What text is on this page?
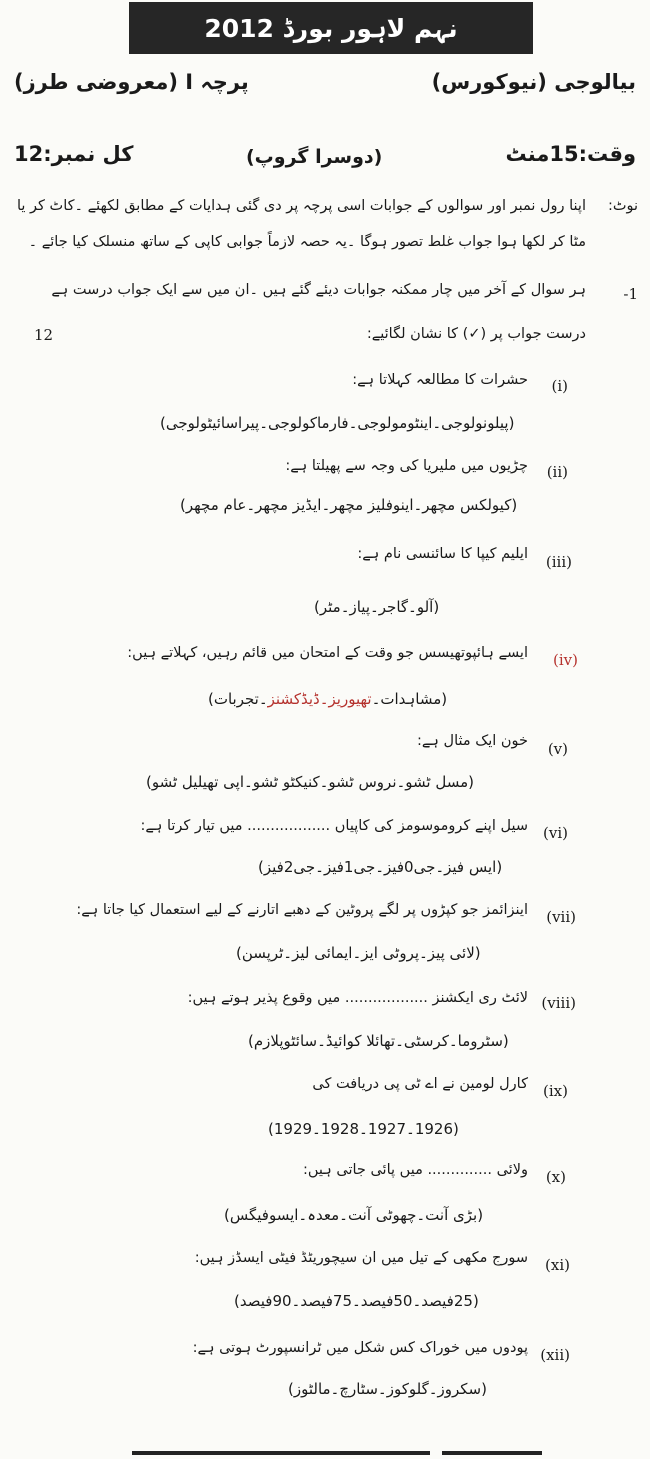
نہم لاہور بورڈ 2012
بیالوجی (نیوکورس)
پرچہ I (معروضی طرز)
وقت:15منٹ
(دوسرا گروپ)
کل نمبر:12
نوٹ:
اپنا رول نمبر اور سوالوں کے جوابات اسی پرچہ پر دی گئی ہدایات کے مطابق لکھئے ۔کاٹ کر یا
مٹا کر لکھا ہوا جواب غلط تصور ہوگا ۔یہ حصہ لازماً جوابی کاپی کے ساتھ منسلک کیا جائے ۔
-1
ہر سوال کے آخر میں چار ممکنہ جوابات دیئے گئے ہیں ۔ان میں سے ایک جواب درست ہے
درست جواب پر (✓) کا نشان لگائیے:
12
(i)
حشرات کا مطالعہ کہلاتا ہے:
(پیلونولوجی۔اینٹومولوجی۔فارماکولوجی۔پیراسائیٹولوجی)
(ii)
چڑیوں میں ملیریا کی وجہ سے پھیلتا ہے:
(کیولکس مچھر۔اینوفلیز مچھر۔ایڈیز مچھر۔عام مچھر)
(iii)
ایلیم کیپا کا سائنسی نام ہے:
(آلو۔گاجر۔پیاز۔مٹر)
(iv)
ایسے ہائپوتھیسس جو وقت کے امتحان میں قائم رہیں، کہلاتے ہیں:
(مشاہدات۔تھیوریز۔ڈیڈکشنز۔تجربات)
(v)
خون ایک مثال ہے:
(مسل ٹشو۔نروس ٹشو۔کنیکٹو ٹشو۔اپی تھیلیل ٹشو)
(vi)
سیل اپنے کروموسومز کی کاپیاں .................. میں تیار کرتا ہے:
(ایس فیز۔جی0فیز۔جی1فیز۔جی2فیز)
(vii)
اینزائمز جو کپڑوں پر لگے پروٹین کے دھبے اتارنے کے لیے استعمال کیا جاتا ہے:
(لائی پیز۔پروٹی ایز۔ایمائی لیز۔ٹرپسن)
(viii)
لائٹ ری ایکشنز .................. میں وقوع پذیر ہوتے ہیں:
(سٹروما۔کرسٹی۔تھائلا کوائیڈ۔سائٹوپلازم)
(ix)
کارل لومین نے اے ٹی پی دریافت کی
(1926۔1927۔1928۔1929)
(x)
ولائی .............. میں پائی جاتی ہیں:
(بڑی آنت۔چھوٹی آنت۔معدہ۔ایسوفیگس)
(xi)
سورج مکھی کے تیل میں ان سیچوریٹڈ فیٹی ایسڈز ہیں:
(25فیصد۔50فیصد۔75فیصد۔90فیصد)
(xii)
پودوں میں خوراک کس شکل میں ٹرانسپورٹ ہوتی ہے:
(سکروز۔گلوکوز۔سٹارچ۔مالٹوز)
